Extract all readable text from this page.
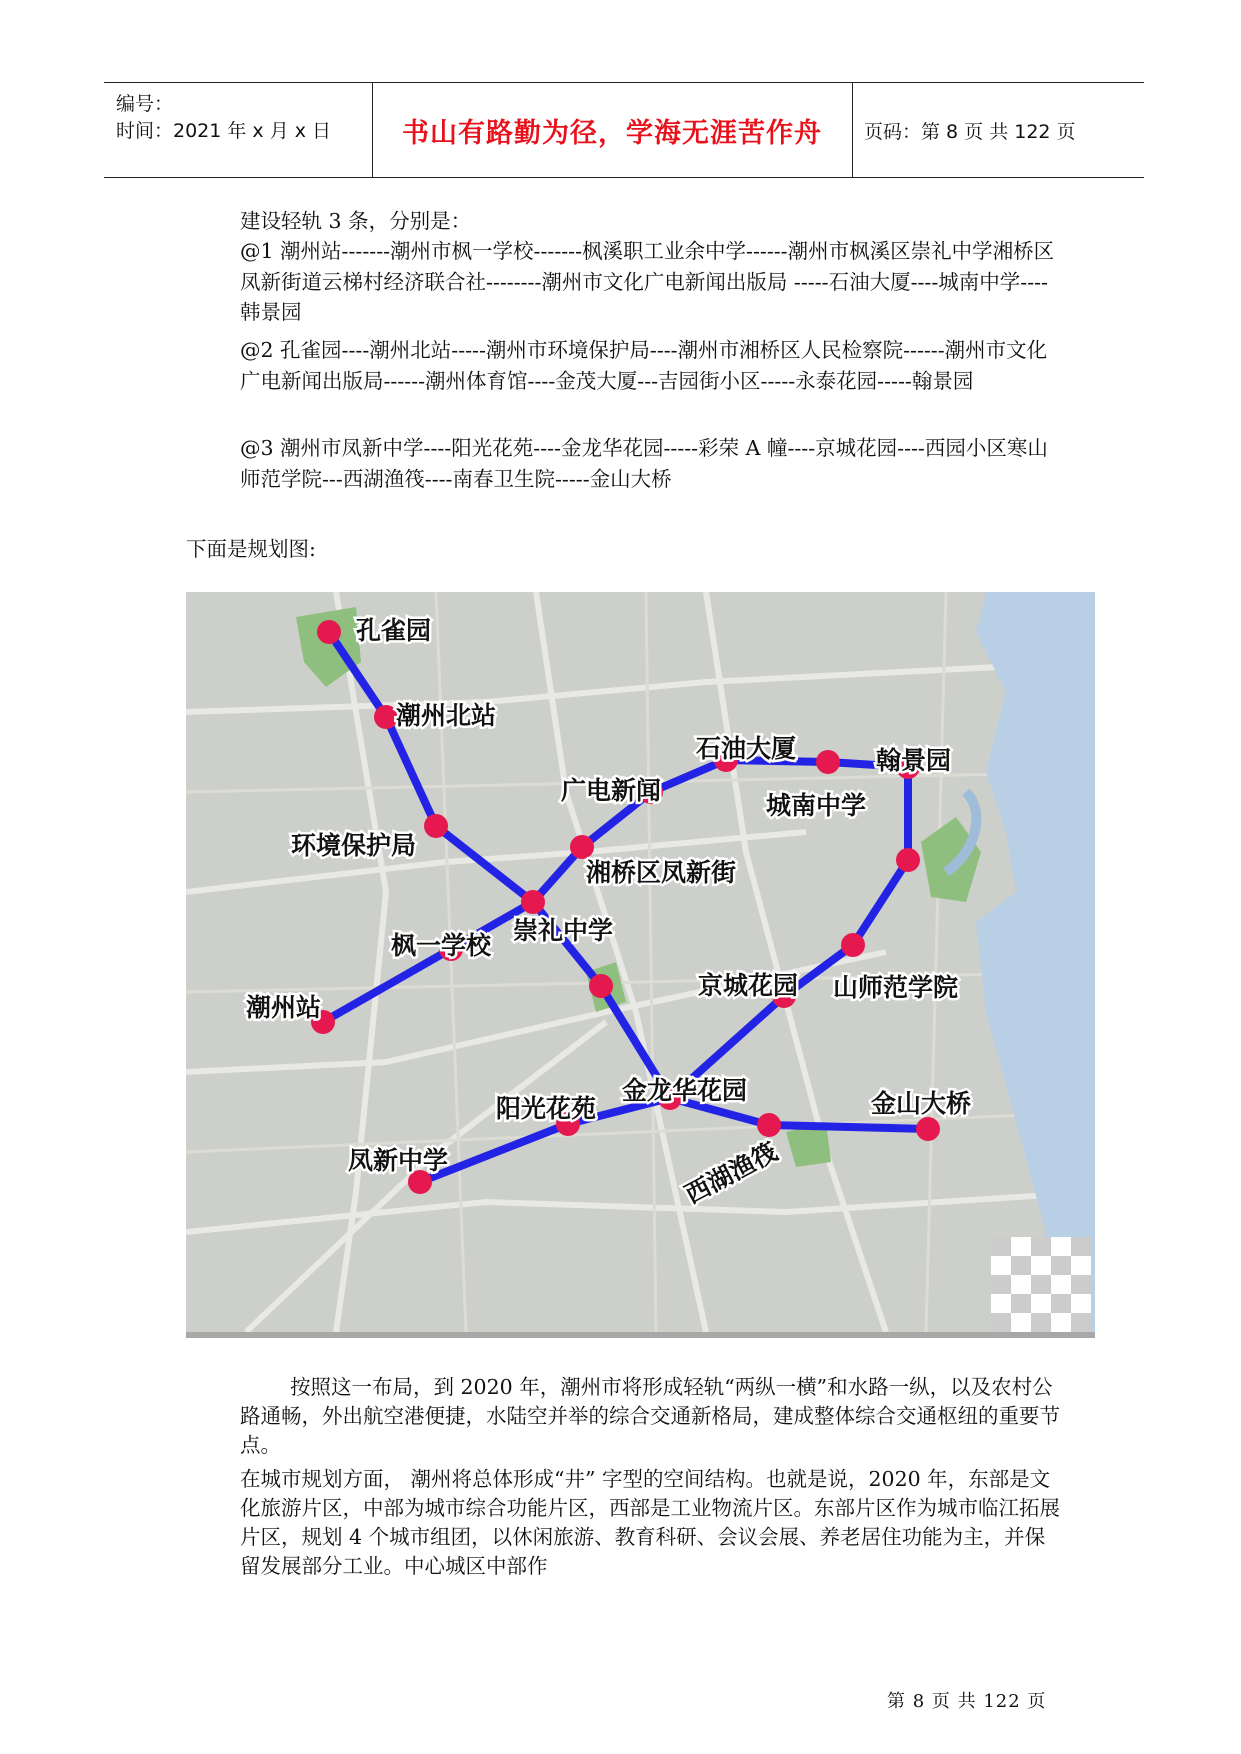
编号：
时间：2021 年 x 月 x 日	书山有路勤为径，学海无涯苦作舟 页码：第 8 页 共 122 页
建设轻轨 3 条，分别是：
@1 潮州站-------潮州市枫一学校-------枫溪职工业余中学------潮州市枫溪区崇礼中学湘桥区凤新街道云梯村经济联合社--------潮州市文化广电新闻出版局 -----石油大厦----城南中学----韩景园
@2 孔雀园----潮州北站-----潮州市环境保护局----潮州市湘桥区人民检察院------潮州市文化广电新闻出版局------潮州体育馆----金茂大厦---吉园街小区-----永泰花园-----翰景园
@3 潮州市凤新中学----阳光花苑----金龙华花园-----彩荣 A 幢----京城花园----西园小区寒山师范学院---西湖渔筏----南春卫生院-----金山大桥
下面是规划图:
孔雀园
潮州北站
环境保护局
广电新闻
石油大厦
城南中学
翰景园
湘桥区凤新街
崇礼中学
枫一学校
潮州站
京城花园 山师范学院
金龙华花园
阳光花苑
凤新中学
金山大桥
西湖渔筏
按照这一布局，到 2020 年，潮州市将形成轻轨“两纵一横”和水路一纵，以及农村公路通畅，外出航空港便捷，水陆空并举的综合交通新格局，建成整体综合交通枢纽的重要节点。
在城市规划方面， 潮州将总体形成“井” 字型的空间结构。也就是说，2020 年，东部是文化旅游片区，中部为城市综合功能片区，西部是工业物流片区。东部片区作为城市临江拓展片区，规划 4 个城市组团，以休闲旅游、教育科研、会议会展、养老居住功能为主，并保留发展部分工业。中心城区中部作
第 8 页 共 122 页
